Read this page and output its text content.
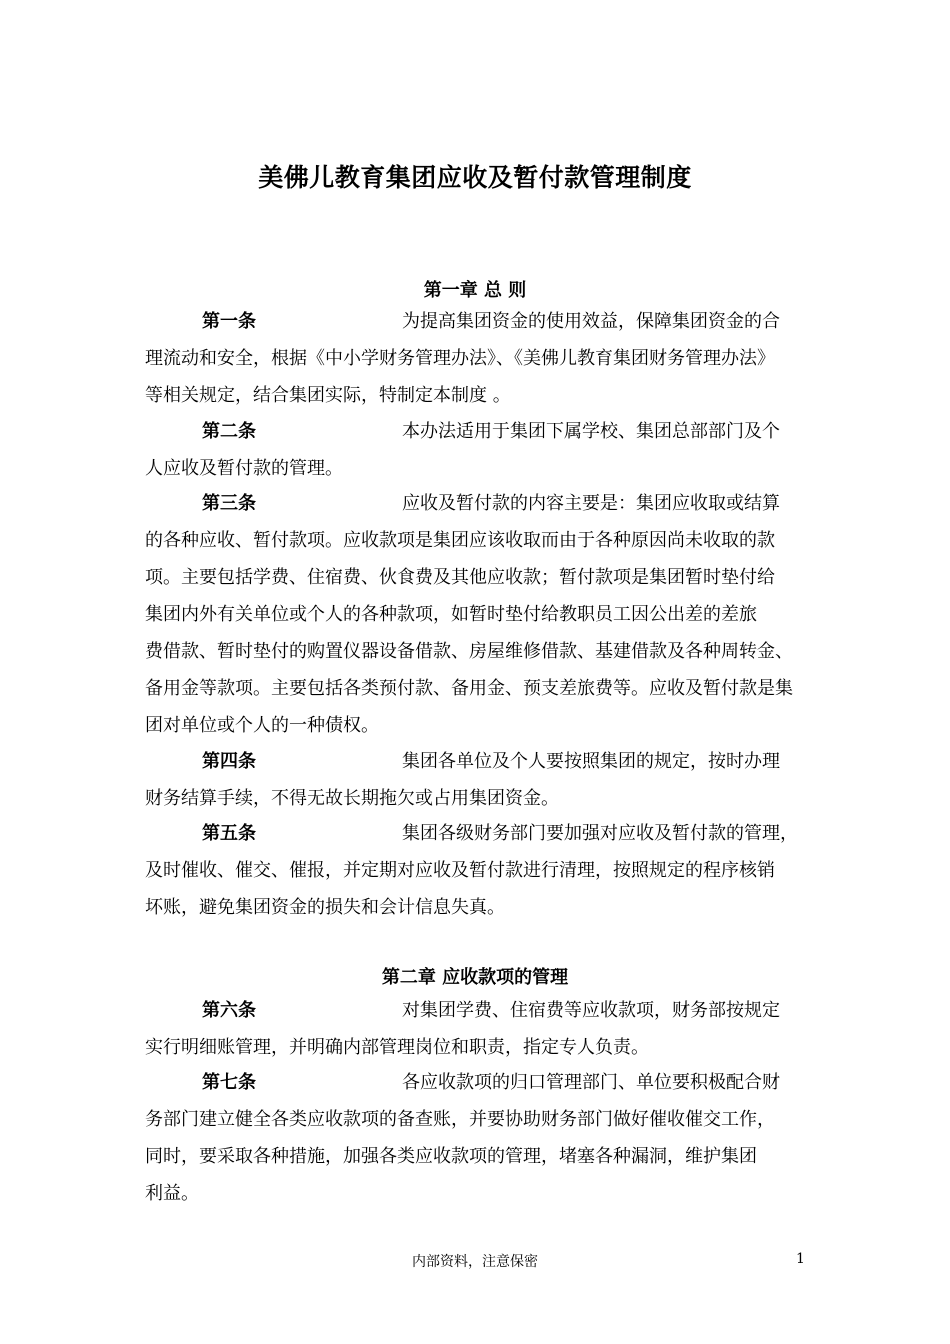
美佛儿教育集团应收及暂付款管理制度
第一章 总 则
第一条	为提高集团资金的使用效益，保障集团资金的合
理流动和安全，根据《中小学财务管理办法》、《美佛儿教育集团财务管理办法》
等相关规定，结合集团实际，特制定本制度 。
第二条	本办法适用于集团下属学校、集团总部部门及个
人应收及暂付款的管理。
第三条	应收及暂付款的内容主要是：集团应收取或结算
的各种应收、暂付款项。应收款项是集团应该收取而由于各种原因尚未收取的款
项。主要包括学费、住宿费、伙食费及其他应收款；暂付款项是集团暂时垫付给
集团内外有关单位或个人的各种款项，如暂时垫付给教职员工因公出差的差旅
费借款、暂时垫付的购置仪器设备借款、房屋维修借款、基建借款及各种周转金、
备用金等款项。主要包括各类预付款、备用金、预支差旅费等。应收及暂付款是集
团对单位或个人的一种债权。
第四条	集团各单位及个人要按照集团的规定，按时办理
财务结算手续，不得无故长期拖欠或占用集团资金。
第五条	集团各级财务部门要加强对应收及暂付款的管理，
及时催收、催交、催报，并定期对应收及暂付款进行清理，按照规定的程序核销
坏账，避免集团资金的损失和会计信息失真。
第二章 应收款项的管理
第六条	对集团学费、住宿费等应收款项，财务部按规定
实行明细账管理，并明确内部管理岗位和职责，指定专人负责。
第七条	各应收款项的归口管理部门、单位要积极配合财
务部门建立健全各类应收款项的备查账，并要协助财务部门做好催收催交工作，
同时，要采取各种措施，加强各类应收款项的管理，堵塞各种漏洞，维护集团
利益。
内部资料，注意保密	1
